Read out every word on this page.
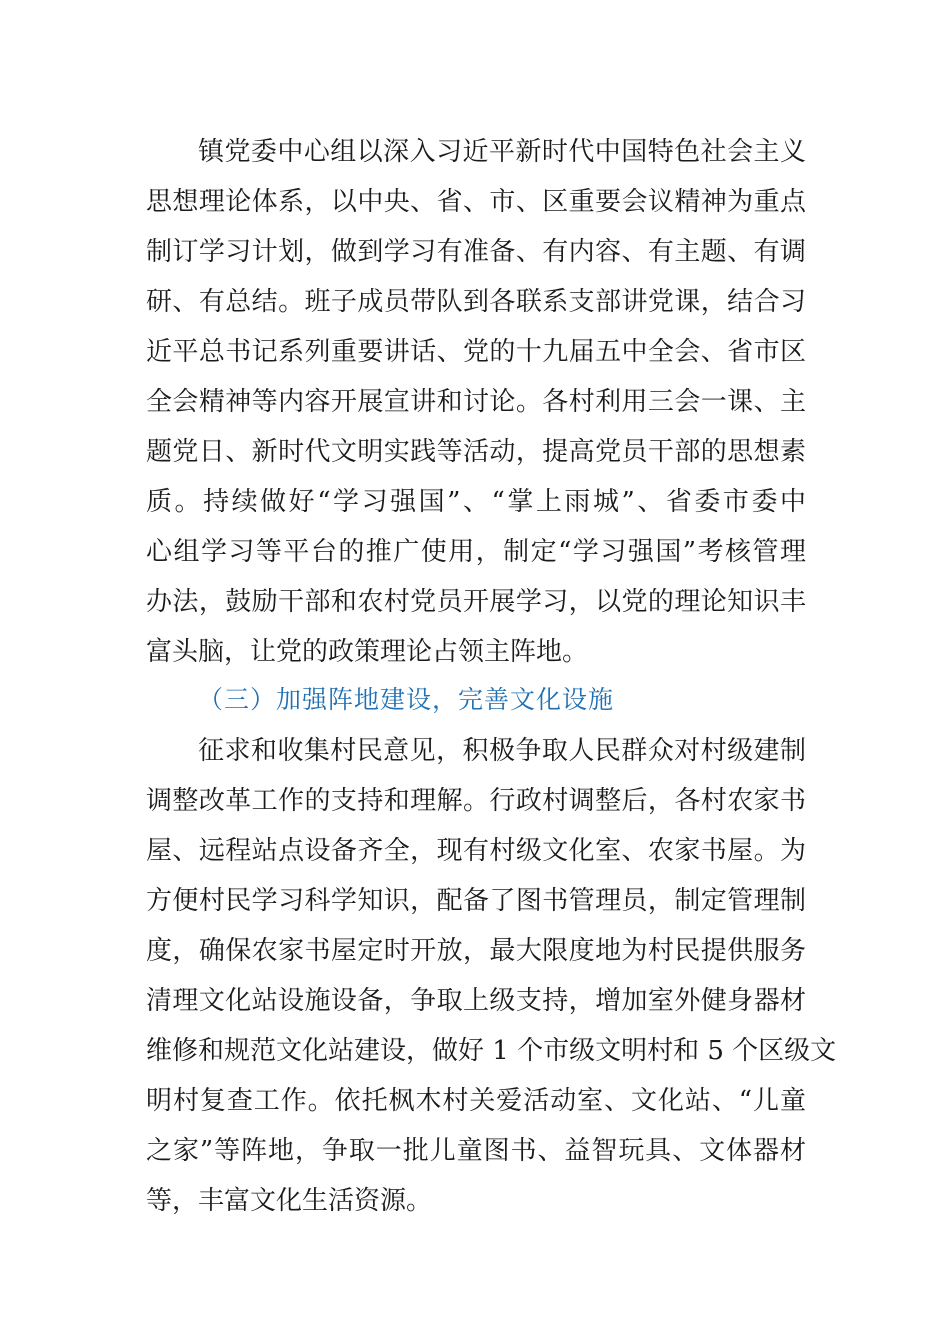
镇党委中心组以深入习近平新时代中国特色社会主义
思想理论体系，以中央、省、市、区重要会议精神为重点
制订学习计划，做到学习有准备、有内容、有主题、有调
研、有总结。班子成员带队到各联系支部讲党课，结合习
近平总书记系列重要讲话、党的十九届五中全会、省市区
全会精神等内容开展宣讲和讨论。各村利用三会一课、主
题党日、新时代文明实践等活动，提高党员干部的思想素
质。持续做好“学习强国”、“掌上雨城”、省委市委中
心组学习等平台的推广使用，制定“学习强国”考核管理
办法，鼓励干部和农村党员开展学习，以党的理论知识丰
富头脑，让党的政策理论占领主阵地。
（三）加强阵地建设，完善文化设施
征求和收集村民意见，积极争取人民群众对村级建制
调整改革工作的支持和理解。行政村调整后，各村农家书
屋、远程站点设备齐全，现有村级文化室、农家书屋。为
方便村民学习科学知识，配备了图书管理员，制定管理制
度，确保农家书屋定时开放，最大限度地为村民提供服务
清理文化站设施设备，争取上级支持，增加室外健身器材
维修和规范文化站建设，做好 1 个市级文明村和 5 个区级文
明村复查工作。依托枫木村关爱活动室、文化站、“儿童
之家”等阵地，争取一批儿童图书、益智玩具、文体器材
等，丰富文化生活资源。
